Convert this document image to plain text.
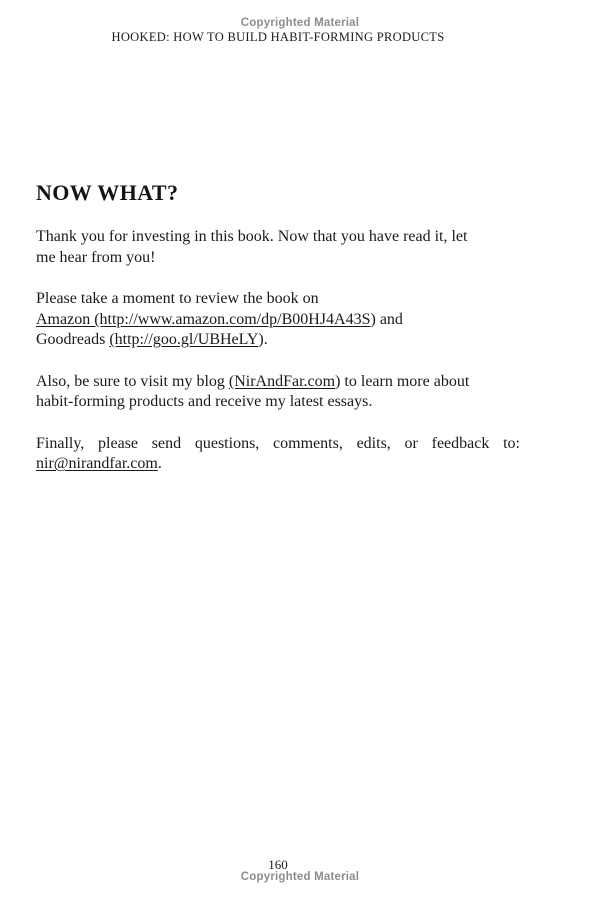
Copyrighted Material
HOOKED: HOW TO BUILD HABIT-FORMING PRODUCTS
NOW WHAT?

Thank you for investing in this book. Now that you have read it, let
me hear from you!

Please take a moment to review the book on
Amazon (http://www.amazon.com/dp/B00HJ4A43S) and
Goodreads (http://goo.gl/UBHeLY).

Also, be sure to visit my blog (NirAndFar.com) to learn more about
habit-forming products and receive my latest essays.

Finally, please send questions, comments, edits, or feedback to:
nir@nirandfar.com.

160
Copyrighted Material
